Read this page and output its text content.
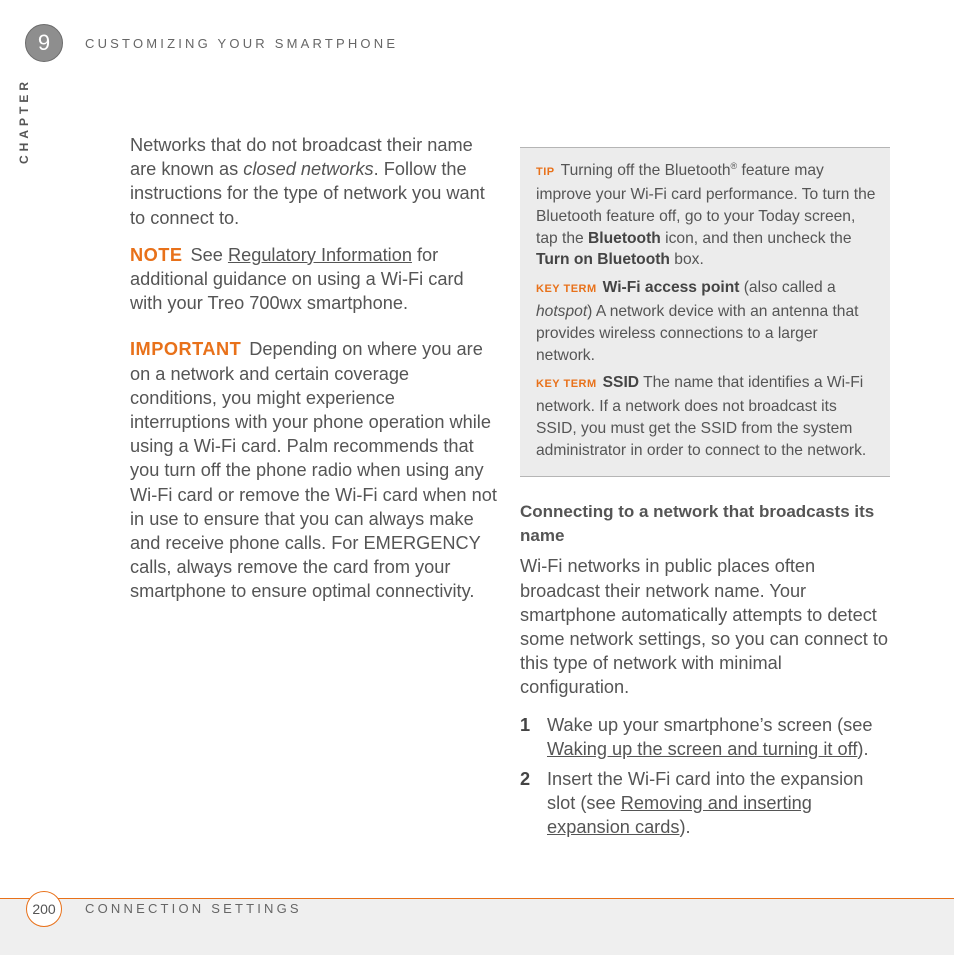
9	CUSTOMIZING YOUR SMARTPHONE
CHAPTER	Networks that do not broadcast their name are known as closed networks. Follow the instructions for the type of network you want to connect to.

NOTE See Regulatory Information for additional guidance on using a Wi-Fi card with your Treo 700wx smartphone.

IMPORTANT Depending on where you are on a network and certain coverage conditions, you might experience interruptions with your phone operation while using a Wi-Fi card. Palm recommends that you turn off the phone radio when using any Wi-Fi card or remove the Wi-Fi card when not in use to ensure that you can always make and receive phone calls. For EMERGENCY calls, always remove the card from your smartphone to ensure optimal connectivity.

TIP Turning off the Bluetooth® feature may improve your Wi-Fi card performance. To turn the Bluetooth feature off, go to your Today screen, tap the Bluetooth icon, and then uncheck the Turn on Bluetooth box.

KEY TERM Wi-Fi access point (also called a hotspot) A network device with an antenna that provides wireless connections to a larger network.

KEY TERM SSID The name that identifies a Wi-Fi network. If a network does not broadcast its SSID, you must get the SSID from the system administrator in order to connect to the network.

Connecting to a network that broadcasts its name

Wi-Fi networks in public places often broadcast their network name. Your smartphone automatically attempts to detect some network settings, so you can connect to this type of network with minimal configuration.

1 Wake up your smartphone’s screen (see Waking up the screen and turning it off).
2 Insert the Wi-Fi card into the expansion slot (see Removing and inserting expansion cards).
200	CONNECTION SETTINGS
